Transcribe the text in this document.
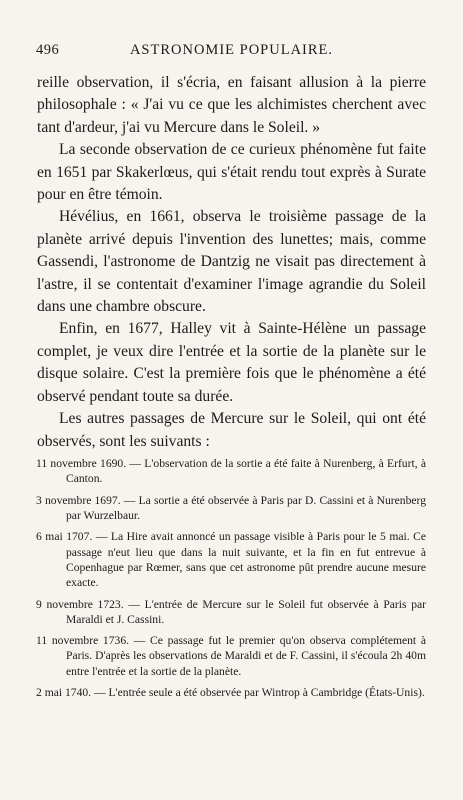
496	ASTRONOMIE POPULAIRE.

reille observation, il s'écria, en faisant allusion à la pierre philosophale : « J'ai vu ce que les alchimistes cherchent avec tant d'ardeur, j'ai vu Mercure dans le Soleil. »

La seconde observation de ce curieux phénomène fut faite en 1651 par Skakerlœus, qui s'était rendu tout exprès à Surate pour en être témoin.

Hévélius, en 1661, observa le troisième passage de la planète arrivé depuis l'invention des lunettes; mais, comme Gassendi, l'astronome de Dantzig ne visait pas directement à l'astre, il se contentait d'examiner l'image agrandie du Soleil dans une chambre obscure.

Enfin, en 1677, Halley vit à Sainte-Hélène un passage complet, je veux dire l'entrée et la sortie de la planète sur le disque solaire. C'est la première fois que le phénomène a été observé pendant toute sa durée.

Les autres passages de Mercure sur le Soleil, qui ont été observés, sont les suivants :

11 novembre 1690. — L'observation de la sortie a été faite à Nurenberg, à Erfurt, à Canton.
3 novembre 1697. — La sortie a été observée à Paris par D. Cassini et à Nurenberg par Wurzelbaur.
6 mai 1707. — La Hire avait annoncé un passage visible à Paris pour le 5 mai. Ce passage n'eut lieu que dans la nuit suivante, et la fin en fut entrevue à Copenhague par Rœmer, sans que cet astronome pût prendre aucune mesure exacte.
9 novembre 1723. — L'entrée de Mercure sur le Soleil fut observée à Paris par Maraldi et J. Cassini.
11 novembre 1736. — Ce passage fut le premier qu'on observa complétement à Paris. D'après les observations de Maraldi et de F. Cassini, il s'écoula 2h 40m entre l'entrée et la sortie de la planète.
2 mai 1740. — L'entrée seule a été observée par Wintrop à Cambridge (États-Unis).
